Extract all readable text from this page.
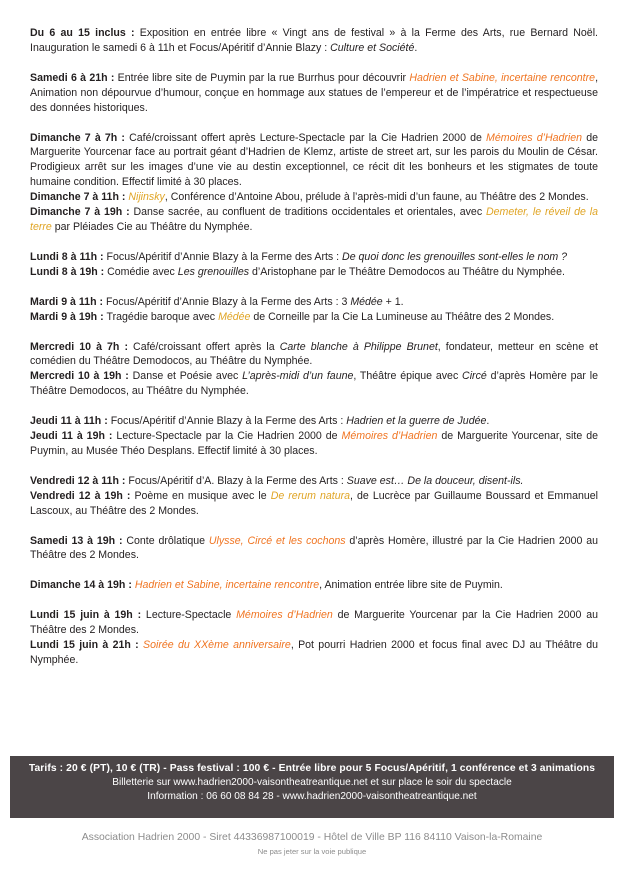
Du 6 au 15 inclus : Exposition en entrée libre « Vingt ans de festival » à la Ferme des Arts, rue Bernard Noël. Inauguration le samedi 6 à 11h et Focus/Apéritif d’Annie Blazy : Culture et Société.

Samedi 6 à 21h : Entrée libre site de Puymin par la rue Burrhus pour découvrir Hadrien et Sabine, incertaine rencontre, Animation non dépourvue d’humour, conçue en hommage aux statues de l’empereur et de l’impératrice et respectueuse des données historiques.

Dimanche 7 à 7h : Café/croissant offert après Lecture-Spectacle par la Cie Hadrien 2000 de Mémoires d’Hadrien de Marguerite Yourcenar face au portrait géant d’Hadrien de Klemz, artiste de street art, sur les parois du Moulin de César. Prodigieux arrêt sur les images d’une vie au destin exceptionnel, ce récit dit les bonheurs et les stigmates de toute humaine condition. Effectif limité à 30 places.

Dimanche 7 à 11h : Nijinsky, Conférence d’Antoine Abou, prélude à l’après-midi d’un faune, au Théâtre des 2 Mondes.

Dimanche 7 à 19h : Danse sacrée, au confluent de traditions occidentales et orientales, avec Demeter, le réveil de la terre par Pléiades Cie au Théâtre du Nymphée.

Lundi 8 à 11h : Focus/Apéritif d’Annie Blazy à la Ferme des Arts : De quoi donc les grenouilles sont-elles le nom ?

Lundi 8 à 19h : Comédie avec Les grenouilles d’Aristophane par le Théâtre Demodocos au Théâtre du Nymphée.

Mardi 9 à 11h : Focus/Apéritif d’Annie Blazy à la Ferme des Arts : 3 Médée + 1.

Mardi 9 à 19h : Tragédie baroque avec Médée de Corneille par la Cie La Lumineuse au Théâtre des 2 Mondes.

Mercredi 10 à 7h : Café/croissant offert après la Carte blanche à Philippe Brunet, fondateur, metteur en scène et comédien du Théâtre Demodocos, au Théâtre du Nymphée.

Mercredi 10 à 19h : Danse et Poésie avec L’après-midi d’un faune, Théâtre épique avec Circé d’après Homère par le Théâtre Demodocos, au Théâtre du Nymphée.

Jeudi 11 à 11h : Focus/Apéritif d’Annie Blazy à la Ferme des Arts : Hadrien et la guerre de Judée.

Jeudi 11 à 19h : Lecture-Spectacle par la Cie Hadrien 2000 de Mémoires d’Hadrien de Marguerite Yourcenar, site de Puymin, au Musée Théo Desplans. Effectif limité à 30 places.

Vendredi 12 à 11h : Focus/Apéritif d’A. Blazy à la Ferme des Arts : Suave est… De la douceur, disent-ils.

Vendredi 12 à 19h : Poème en musique avec le De rerum natura, de Lucrèce par Guillaume Boussard et Emmanuel Lascoux, au Théâtre des 2 Mondes.

Samedi 13 à 19h : Conte drôlatique Ulysse, Circé et les cochons d’après Homère, illustré par la Cie Hadrien 2000 au Théâtre des 2 Mondes.

Dimanche 14 à 19h : Hadrien et Sabine, incertaine rencontre, Animation entrée libre site de Puymin.

Lundi 15 juin à 19h : Lecture-Spectacle Mémoires d’Hadrien de Marguerite Yourcenar par la Cie Hadrien 2000 au Théâtre des 2 Mondes.

Lundi 15 juin à 21h : Soirée du XXème anniversaire, Pot pourri Hadrien 2000 et focus final avec DJ au Théâtre du Nymphée.

Tarifs : 20 € (PT), 10 € (TR) - Pass festival : 100 € - Entrée libre pour 5 Focus/Apéritif, 1 conférence et 3 animations
Billetterie sur www.hadrien2000-vaisontheatreantique.net et sur place le soir du spectacle
Information : 06 60 08 84 28 - www.hadrien2000-vaisontheatreantique.net
Association Hadrien 2000 - Siret 44336987100019 - Hôtel de Ville BP 116 84110 Vaison-la-Romaine
Ne pas jeter sur la voie publique
